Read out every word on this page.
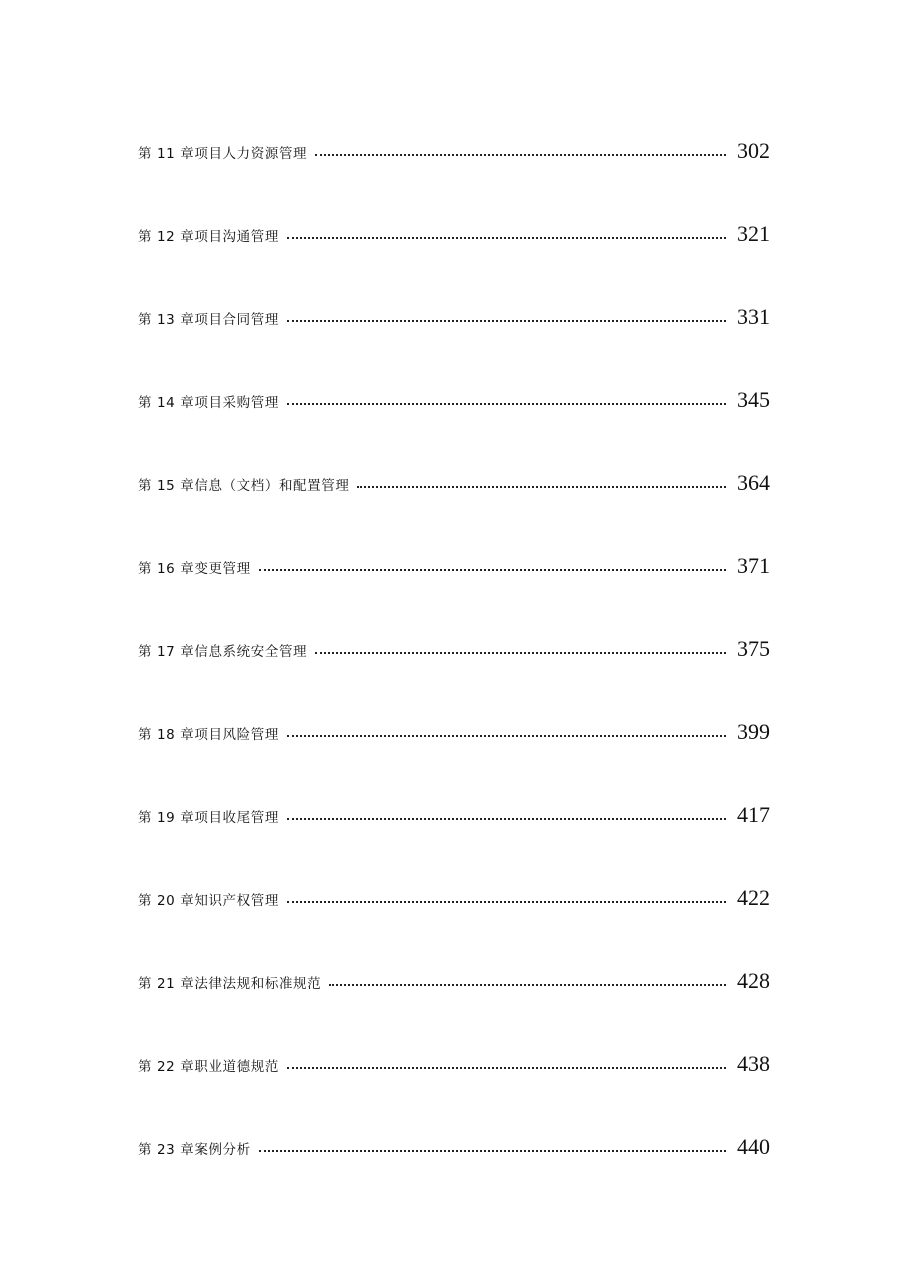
第 11 章项目人力资源管理	302
第 12 章项目沟通管理	321
第 13 章项目合同管理	331
第 14 章项目采购管理	345
第 15 章信息（文档）和配置管理	364
第 16 章变更管理	371
第 17 章信息系统安全管理	375
第 18 章项目风险管理	399
第 19 章项目收尾管理	417
第 20 章知识产权管理	422
第 21 章法律法规和标准规范	428
第 22 章职业道德规范	438
第 23 章案例分析	440
